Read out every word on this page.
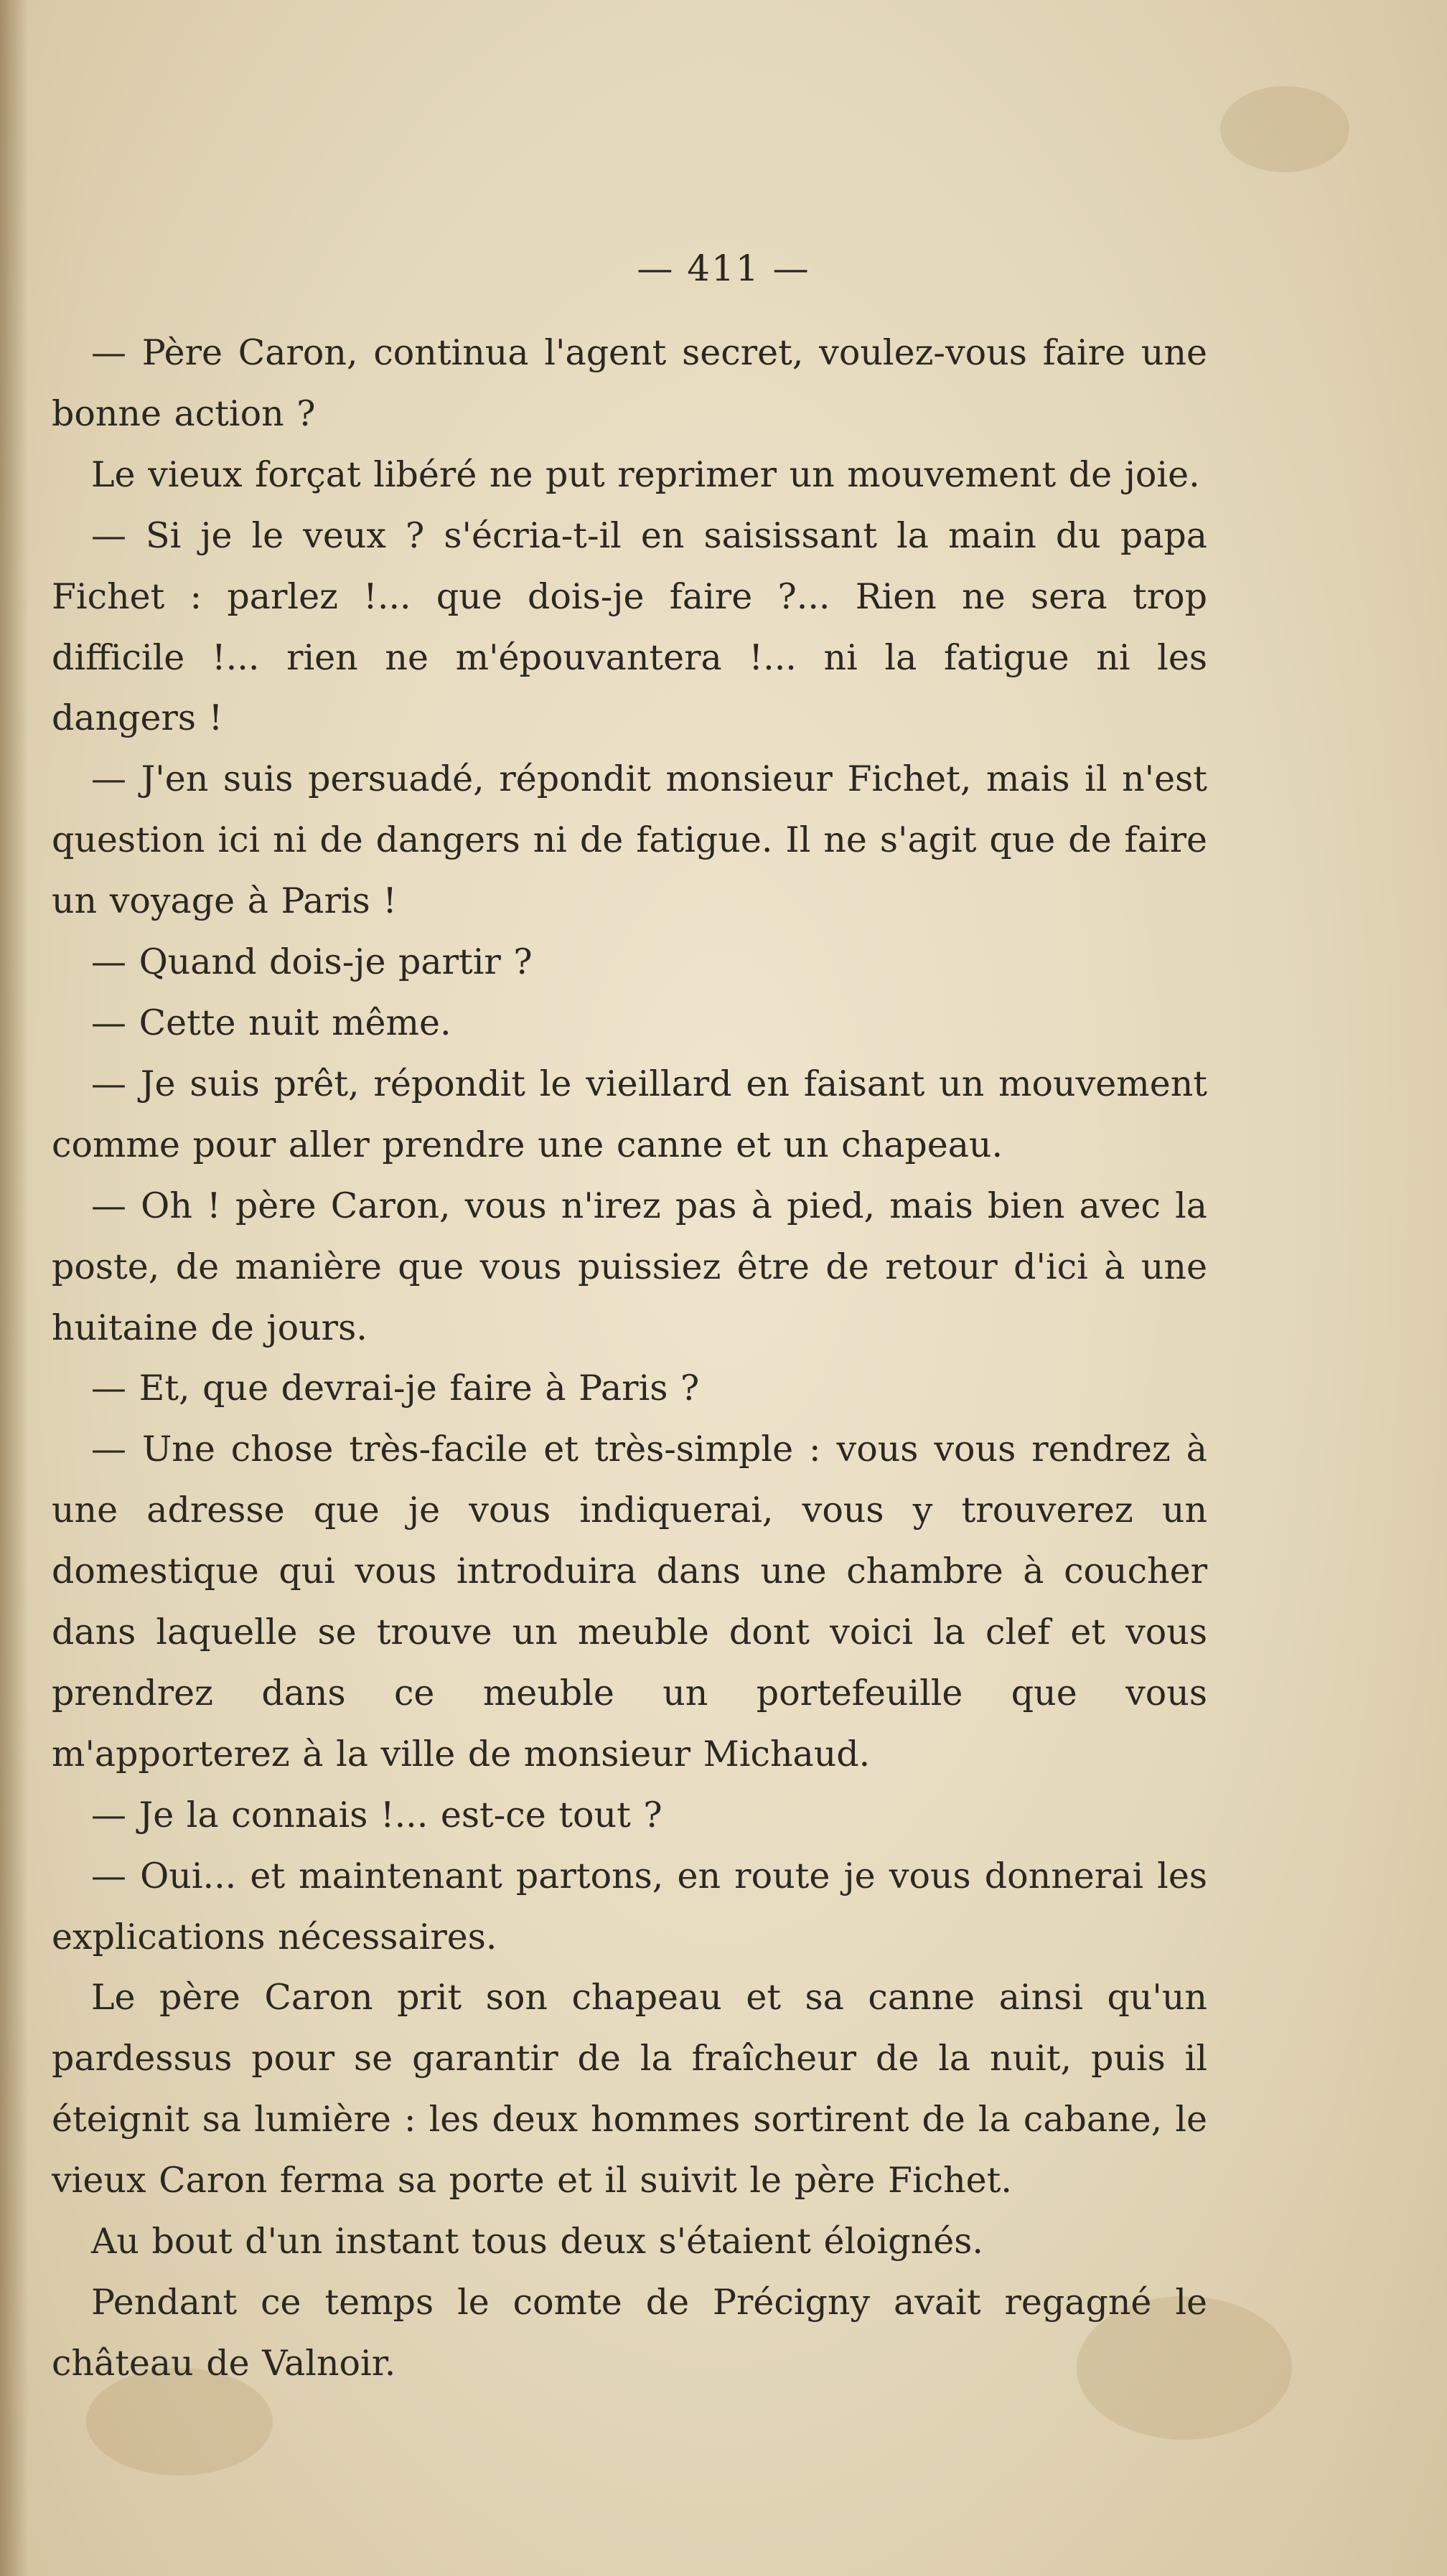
— 411 —

— Père Caron, continua l'agent secret, voulez-vous faire une bonne action ?

Le vieux forçat libéré ne put reprimer un mouvement de joie.

— Si je le veux ? s'écria-t-il en saisissant la main du papa Fichet : parlez !... que dois-je faire ?... Rien ne sera trop difficile !... rien ne m'épouvantera !... ni la fatigue ni les dangers !

— J'en suis persuadé, répondit monsieur Fichet, mais il n'est question ici ni de dangers ni de fatigue. Il ne s'agit que de faire un voyage à Paris !

— Quand dois-je partir ?

— Cette nuit même.

— Je suis prêt, répondit le vieillard en faisant un mouvement comme pour aller prendre une canne et un chapeau.

— Oh ! père Caron, vous n'irez pas à pied, mais bien avec la poste, de manière que vous puissiez être de retour d'ici à une huitaine de jours.

— Et, que devrai-je faire à Paris ?

— Une chose très-facile et très-simple : vous vous rendrez à une adresse que je vous indiquerai, vous y trouverez un domestique qui vous introduira dans une chambre à coucher dans laquelle se trouve un meuble dont voici la clef et vous prendrez dans ce meuble un portefeuille que vous m'apporterez à la ville de monsieur Michaud.

— Je la connais !... est-ce tout ?

— Oui... et maintenant partons, en route je vous donnerai les explications nécessaires.

Le père Caron prit son chapeau et sa canne ainsi qu'un pardessus pour se garantir de la fraîcheur de la nuit, puis il éteignit sa lumière : les deux hommes sortirent de la cabane, le vieux Caron ferma sa porte et il suivit le père Fichet.

Au bout d'un instant tous deux s'étaient éloignés.

Pendant ce temps le comte de Précigny avait regagné le château de Valnoir.
